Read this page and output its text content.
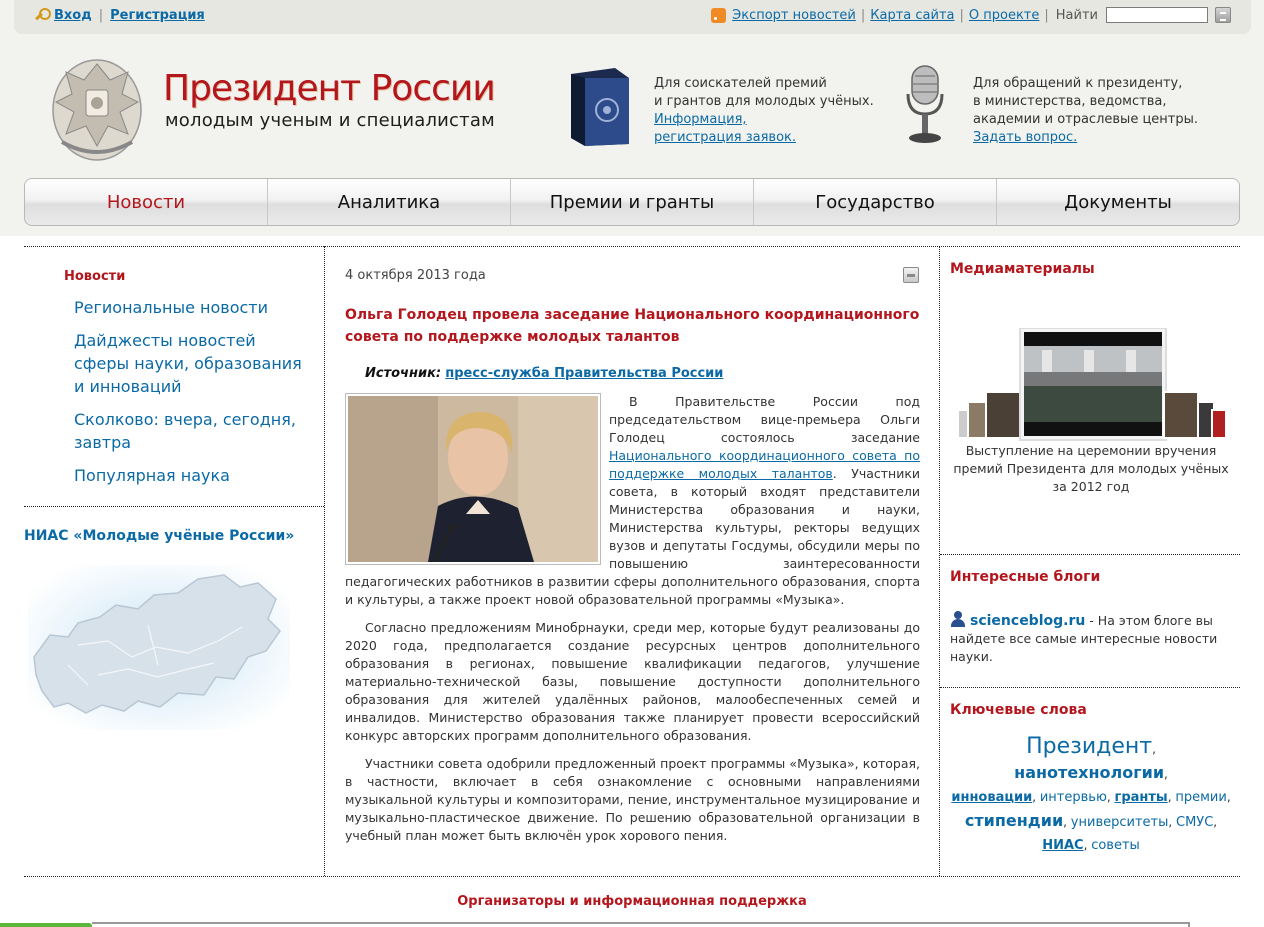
Вход | Регистрация	Экспорт новостей | Карта сайта | О проекте | Найти
Президент России
молодым ученым и специалистам
Для соискателей премий
и грантов для молодых учёных.
Информация,
регистрация заявок.
Для обращений к президенту,
в министерства, ведомства,
академии и отраслевые центры.
Задать вопрос.
Новости	Аналитика	Премии и гранты	Государство	Документы
Новости
Региональные новости
Дайджесты новостей сферы науки, образования и инноваций
Сколково: вчера, сегодня, завтра
Популярная наука
НИАС «Молодые учёные России»
4 октября 2013 года
Ольга Голодец провела заседание Национального координационного совета по поддержке молодых талантов
Источник: пресс-служба Правительства России

В Правительстве России под председательством вице-премьера Ольги Голодец состоялось заседание Национального координационного совета по поддержке молодых талантов. Участники совета, в который входят представители Министерства образования и науки, Министерства культуры, ректоры ведущих вузов и депутаты Госдумы, обсудили меры по повышению заинтересованности педагогических работников в развитии сферы дополнительного образования, спорта и культуры, а также проект новой образовательной программы «Музыка».

Согласно предложениям Минобрнауки, среди мер, которые будут реализованы до 2020 года, предполагается создание ресурсных центров дополнительного образования в регионах, повышение квалификации педагогов, улучшение материально-технической базы, повышение доступности дополнительного образования для жителей удалённых районов, малообеспеченных семей и инвалидов. Министерство образования также планирует провести всероссийский конкурс авторских программ дополнительного образования.

Участники совета одобрили предложенный проект программы «Музыка», которая, в частности, включает в себя ознакомление с основными направлениями музыкальной культуры и композиторами, пение, инструментальное музицирование и музыкально-пластическое движение. По решению образовательной организации в учебный план может быть включён урок хорового пения.

Медиаматериалы
Выступление на церемонии вручения премий Президента для молодых учёных за 2012 год
Интересные блоги
scienceblog.ru - На этом блоге вы найдете все самые интересные новости науки.
Ключевые слова
Президент, нанотехнологии,
инновации, интервью, гранты, премии,
стипендии, университеты, СМУС,
НИАС, советы
Организаторы и информационная поддержка
